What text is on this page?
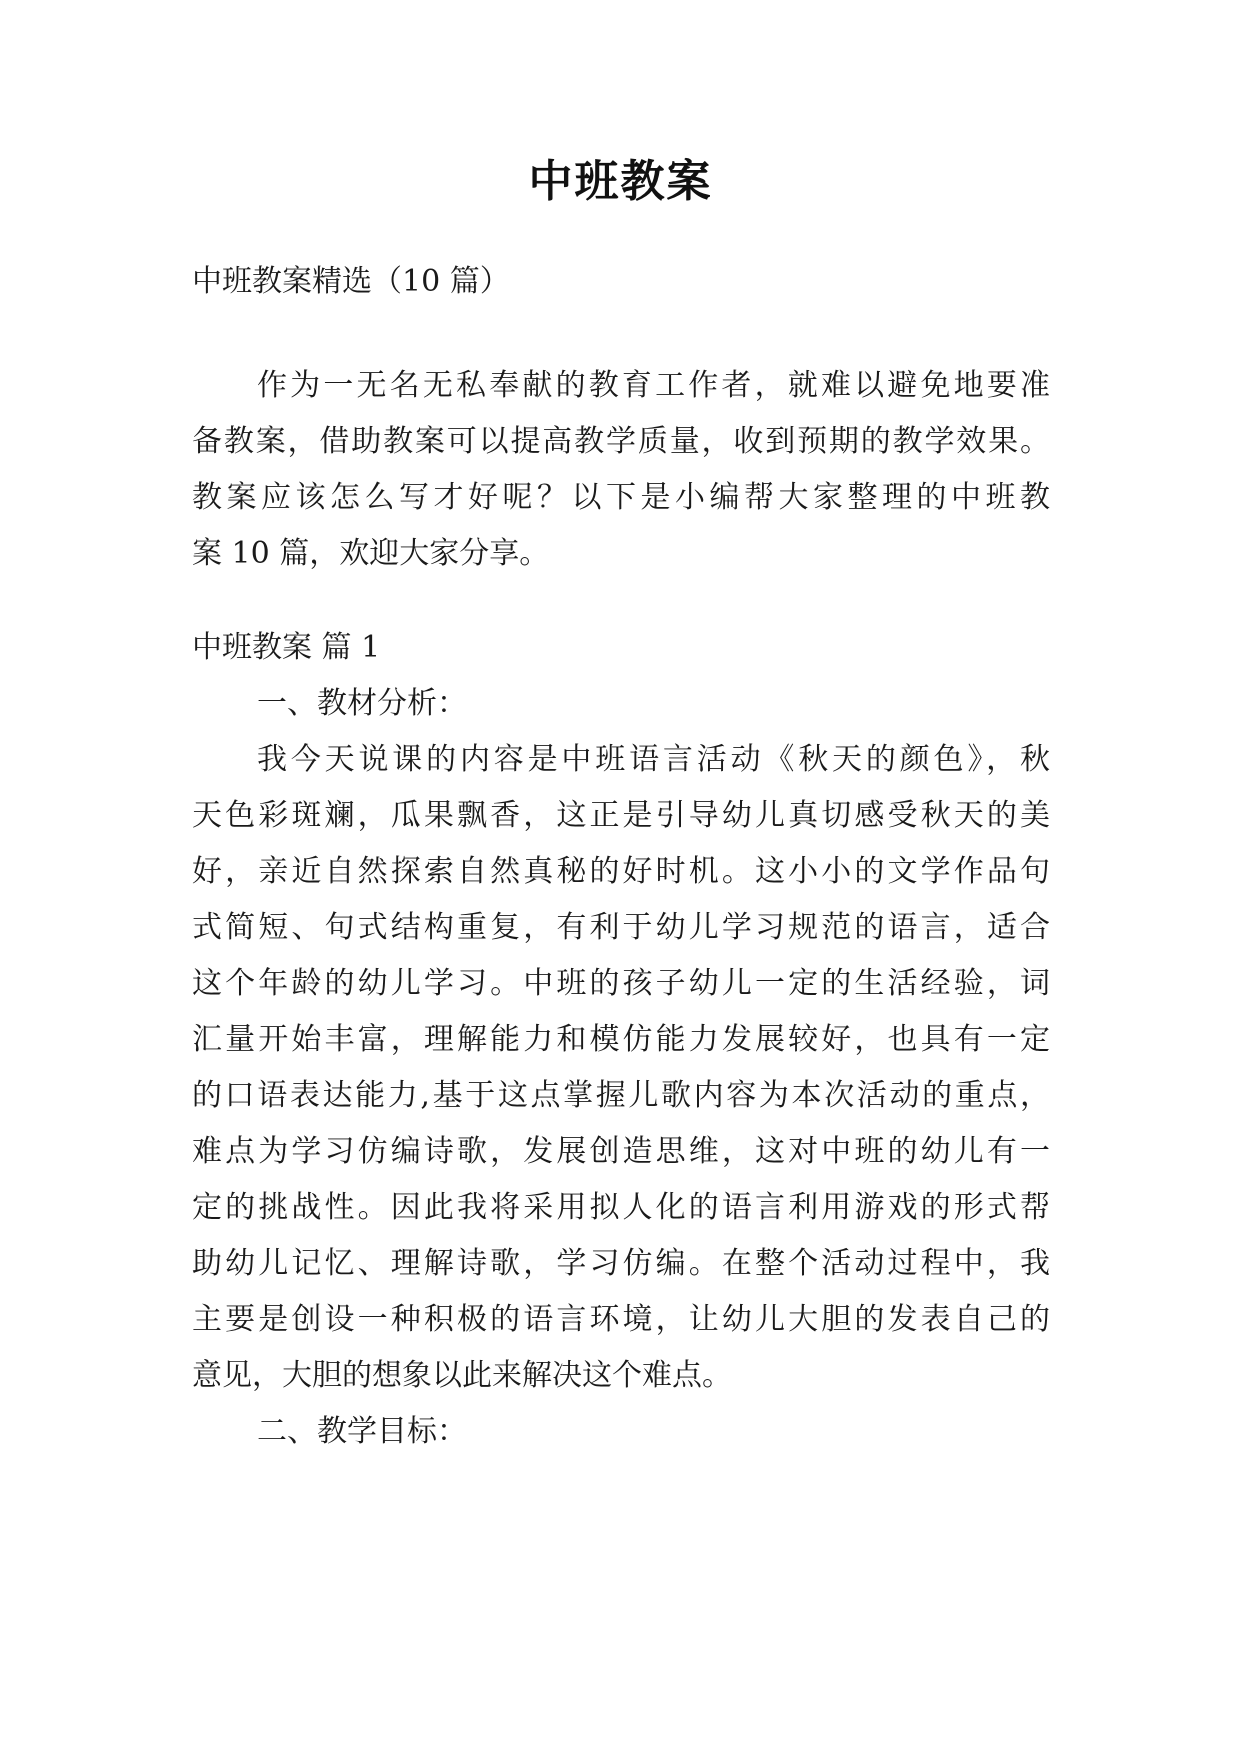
中班教案
中班教案精选（10 篇）
作为一无名无私奉献的教育工作者，就难以避免地要准
备教案，借助教案可以提高教学质量，收到预期的教学效果。
教案应该怎么写才好呢？以下是小编帮大家整理的中班教
案 10 篇，欢迎大家分享。
中班教案 篇 1
一、教材分析：
我今天说课的内容是中班语言活动《秋天的颜色》，秋
天色彩斑斓，瓜果飘香，这正是引导幼儿真切感受秋天的美
好，亲近自然探索自然真秘的好时机。这小小的文学作品句
式简短、句式结构重复，有利于幼儿学习规范的语言，适合
这个年龄的幼儿学习。中班的孩子幼儿一定的生活经验，词
汇量开始丰富，理解能力和模仿能力发展较好，也具有一定
的口语表达能力,基于这点掌握儿歌内容为本次活动的重点，
难点为学习仿编诗歌，发展创造思维，这对中班的幼儿有一
定的挑战性。因此我将采用拟人化的语言利用游戏的形式帮
助幼儿记忆、理解诗歌，学习仿编。在整个活动过程中，我
主要是创设一种积极的语言环境，让幼儿大胆的发表自己的
意见，大胆的想象以此来解决这个难点。
二、教学目标：
